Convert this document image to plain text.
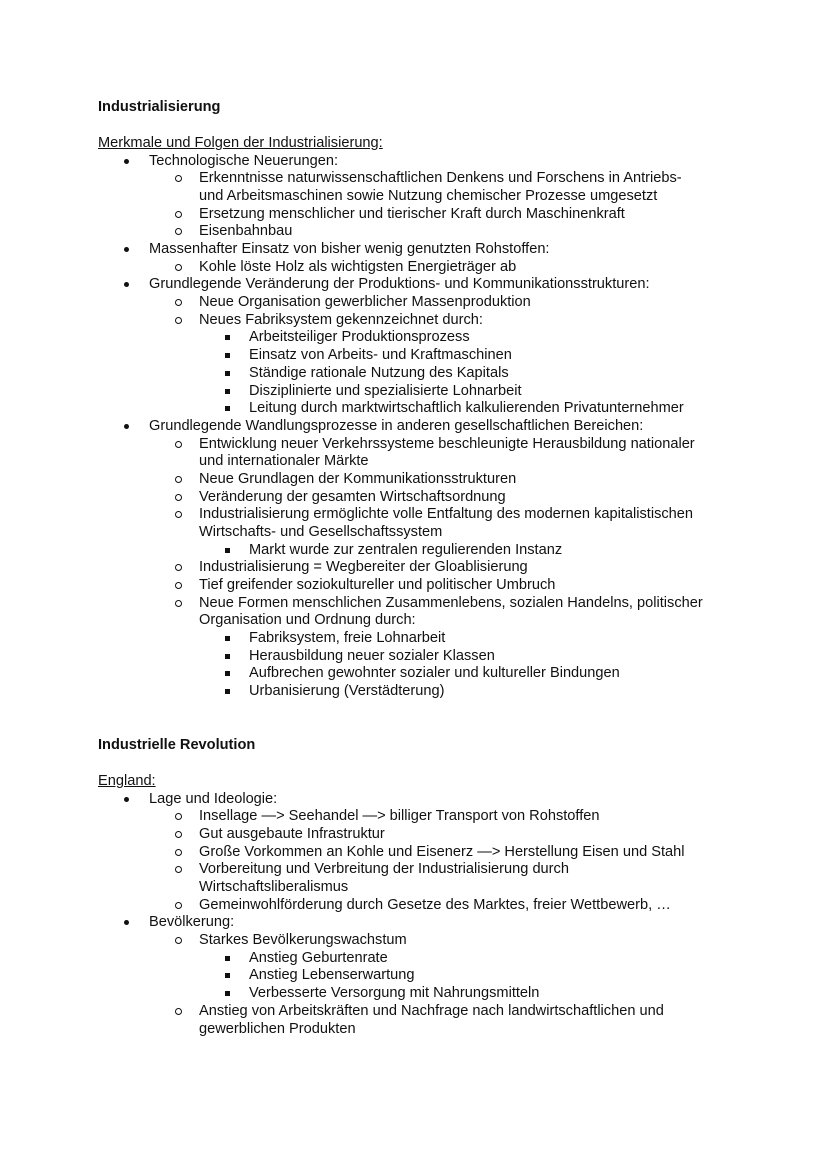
Industrialisierung
Merkmale und Folgen der Industrialisierung:
Technologische Neuerungen:
Erkenntnisse naturwissenschaftlichen Denkens und Forschens in Antriebs-
und Arbeitsmaschinen sowie Nutzung chemischer Prozesse umgesetzt
Ersetzung menschlicher und tierischer Kraft durch Maschinenkraft
Eisenbahnbau
Massenhafter Einsatz von bisher wenig genutzten Rohstoffen:
Kohle löste Holz als wichtigsten Energieträger ab
Grundlegende Veränderung der Produktions- und Kommunikationsstrukturen:
Neue Organisation gewerblicher Massenproduktion
Neues Fabriksystem gekennzeichnet durch:
Arbeitsteiliger Produktionsprozess
Einsatz von Arbeits- und Kraftmaschinen
Ständige rationale Nutzung des Kapitals
Disziplinierte und spezialisierte Lohnarbeit
Leitung durch marktwirtschaftlich kalkulierenden Privatunternehmer
Grundlegende Wandlungsprozesse in anderen gesellschaftlichen Bereichen:
Entwicklung neuer Verkehrssysteme beschleunigte Herausbildung nationaler
und internationaler Märkte
Neue Grundlagen der Kommunikationsstrukturen
Veränderung der gesamten Wirtschaftsordnung
Industrialisierung ermöglichte volle Entfaltung des modernen kapitalistischen
Wirtschafts- und Gesellschaftssystem
Markt wurde zur zentralen regulierenden Instanz
Industrialisierung = Wegbereiter der Gloablisierung
Tief greifender soziokultureller und politischer Umbruch
Neue Formen menschlichen Zusammenlebens, sozialen Handelns, politischer
Organisation und Ordnung durch:
Fabriksystem, freie Lohnarbeit
Herausbildung neuer sozialer Klassen
Aufbrechen gewohnter sozialer und kultureller Bindungen
Urbanisierung (Verstädterung)
Industrielle Revolution
England:
Lage und Ideologie:
Insellage —> Seehandel —> billiger Transport von Rohstoffen
Gut ausgebaute Infrastruktur
Große Vorkommen an Kohle und Eisenerz —> Herstellung Eisen und Stahl
Vorbereitung und Verbreitung der Industrialisierung durch
Wirtschaftsliberalismus
Gemeinwohlförderung durch Gesetze des Marktes, freier Wettbewerb, …
Bevölkerung:
Starkes Bevölkerungswachstum
Anstieg Geburtenrate
Anstieg Lebenserwartung
Verbesserte Versorgung mit Nahrungsmitteln
Anstieg von Arbeitskräften und Nachfrage nach landwirtschaftlichen und
gewerblichen Produkten
